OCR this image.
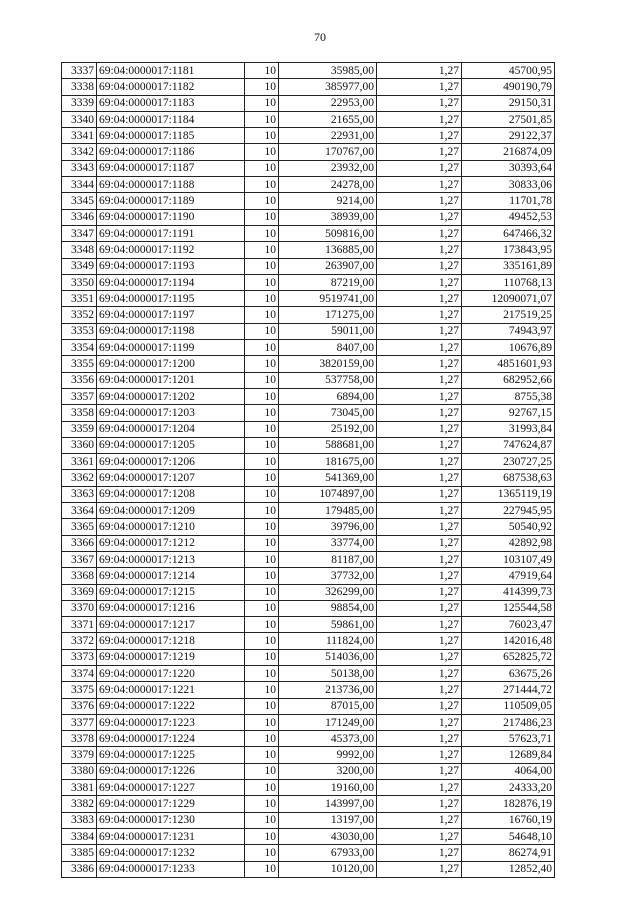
70
3337	69:04:0000017:1181	10	35985,00	1,27	45700,95
3338	69:04:0000017:1182	10	385977,00	1,27	490190,79
3339	69:04:0000017:1183	10	22953,00	1,27	29150,31
3340	69:04:0000017:1184	10	21655,00	1,27	27501,85
3341	69:04:0000017:1185	10	22931,00	1,27	29122,37
3342	69:04:0000017:1186	10	170767,00	1,27	216874,09
3343	69:04:0000017:1187	10	23932,00	1,27	30393,64
3344	69:04:0000017:1188	10	24278,00	1,27	30833,06
3345	69:04:0000017:1189	10	9214,00	1,27	11701,78
3346	69:04:0000017:1190	10	38939,00	1,27	49452,53
3347	69:04:0000017:1191	10	509816,00	1,27	647466,32
3348	69:04:0000017:1192	10	136885,00	1,27	173843,95
3349	69:04:0000017:1193	10	263907,00	1,27	335161,89
3350	69:04:0000017:1194	10	87219,00	1,27	110768,13
3351	69:04:0000017:1195	10	9519741,00	1,27	12090071,07
3352	69:04:0000017:1197	10	171275,00	1,27	217519,25
3353	69:04:0000017:1198	10	59011,00	1,27	74943,97
3354	69:04:0000017:1199	10	8407,00	1,27	10676,89
3355	69:04:0000017:1200	10	3820159,00	1,27	4851601,93
3356	69:04:0000017:1201	10	537758,00	1,27	682952,66
3357	69:04:0000017:1202	10	6894,00	1,27	8755,38
3358	69:04:0000017:1203	10	73045,00	1,27	92767,15
3359	69:04:0000017:1204	10	25192,00	1,27	31993,84
3360	69:04:0000017:1205	10	588681,00	1,27	747624,87
3361	69:04:0000017:1206	10	181675,00	1,27	230727,25
3362	69:04:0000017:1207	10	541369,00	1,27	687538,63
3363	69:04:0000017:1208	10	1074897,00	1,27	1365119,19
3364	69:04:0000017:1209	10	179485,00	1,27	227945,95
3365	69:04:0000017:1210	10	39796,00	1,27	50540,92
3366	69:04:0000017:1212	10	33774,00	1,27	42892,98
3367	69:04:0000017:1213	10	81187,00	1,27	103107,49
3368	69:04:0000017:1214	10	37732,00	1,27	47919,64
3369	69:04:0000017:1215	10	326299,00	1,27	414399,73
3370	69:04:0000017:1216	10	98854,00	1,27	125544,58
3371	69:04:0000017:1217	10	59861,00	1,27	76023,47
3372	69:04:0000017:1218	10	111824,00	1,27	142016,48
3373	69:04:0000017:1219	10	514036,00	1,27	652825,72
3374	69:04:0000017:1220	10	50138,00	1,27	63675,26
3375	69:04:0000017:1221	10	213736,00	1,27	271444,72
3376	69:04:0000017:1222	10	87015,00	1,27	110509,05
3377	69:04:0000017:1223	10	171249,00	1,27	217486,23
3378	69:04:0000017:1224	10	45373,00	1,27	57623,71
3379	69:04:0000017:1225	10	9992,00	1,27	12689,84
3380	69:04:0000017:1226	10	3200,00	1,27	4064,00
3381	69:04:0000017:1227	10	19160,00	1,27	24333,20
3382	69:04:0000017:1229	10	143997,00	1,27	182876,19
3383	69:04:0000017:1230	10	13197,00	1,27	16760,19
3384	69:04:0000017:1231	10	43030,00	1,27	54648,10
3385	69:04:0000017:1232	10	67933,00	1,27	86274,91
3386	69:04:0000017:1233	10	10120,00	1,27	12852,40
